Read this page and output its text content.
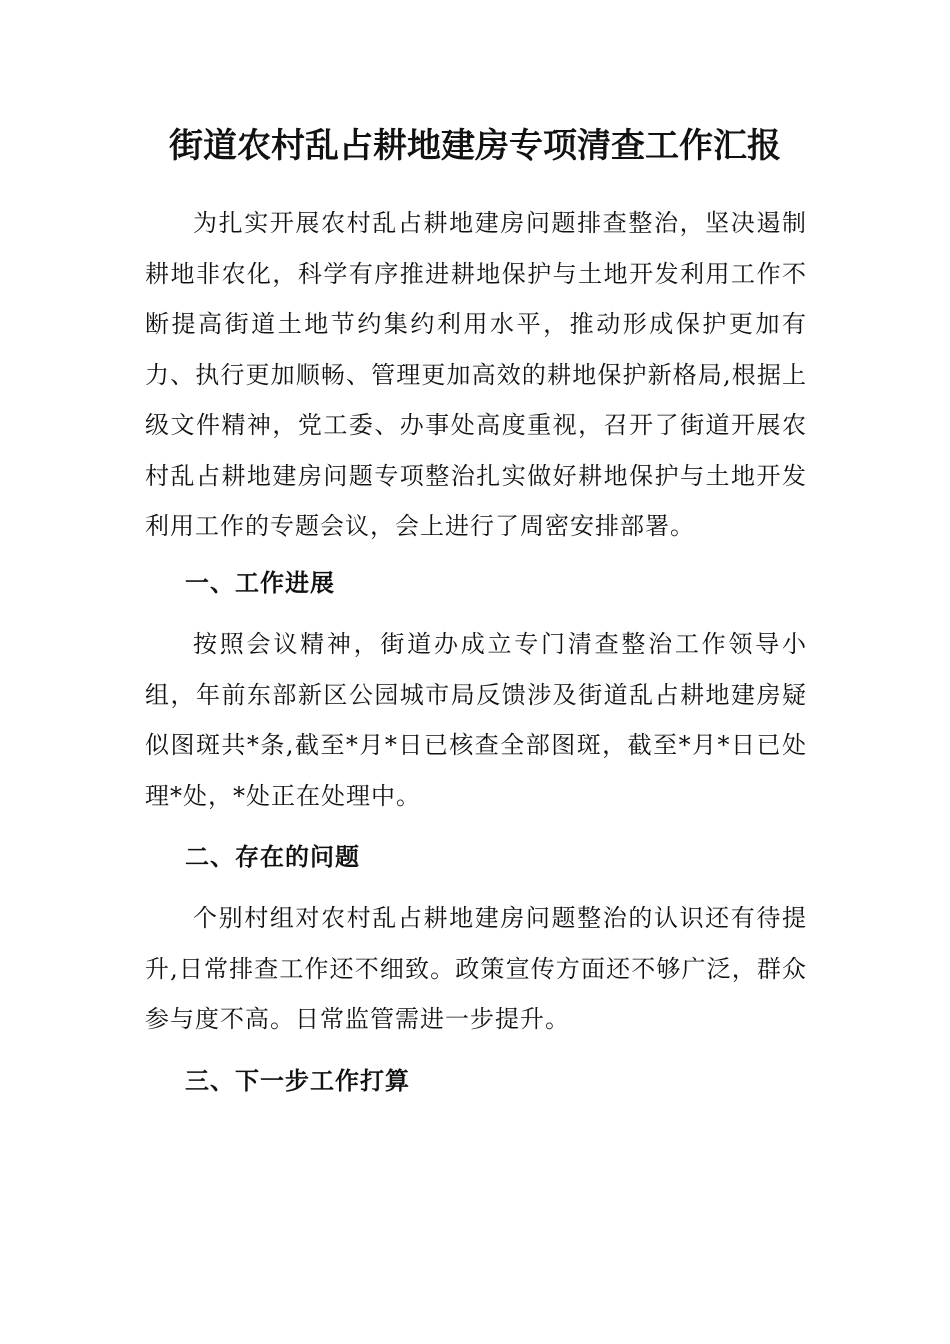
街道农村乱占耕地建房专项清查工作汇报
为扎实开展农村乱占耕地建房问题排查整治，坚决遏制耕地非农化，科学有序推进耕地保护与土地开发利用工作不断提高街道土地节约集约利用水平，推动形成保护更加有力、执行更加顺畅、管理更加高效的耕地保护新格局,根据上级文件精神，党工委、办事处高度重视，召开了街道开展农村乱占耕地建房问题专项整治扎实做好耕地保护与土地开发利用工作的专题会议，会上进行了周密安排部署。
一、工作进展
按照会议精神，街道办成立专门清查整治工作领导小组，年前东部新区公园城市局反馈涉及街道乱占耕地建房疑似图斑共*条,截至*月*日已核查全部图斑，截至*月*日已处理*处，*处正在处理中。
二、存在的问题
个别村组对农村乱占耕地建房问题整治的认识还有待提升,日常排查工作还不细致。政策宣传方面还不够广泛，群众参与度不高。日常监管需进一步提升。
三、下一步工作打算
